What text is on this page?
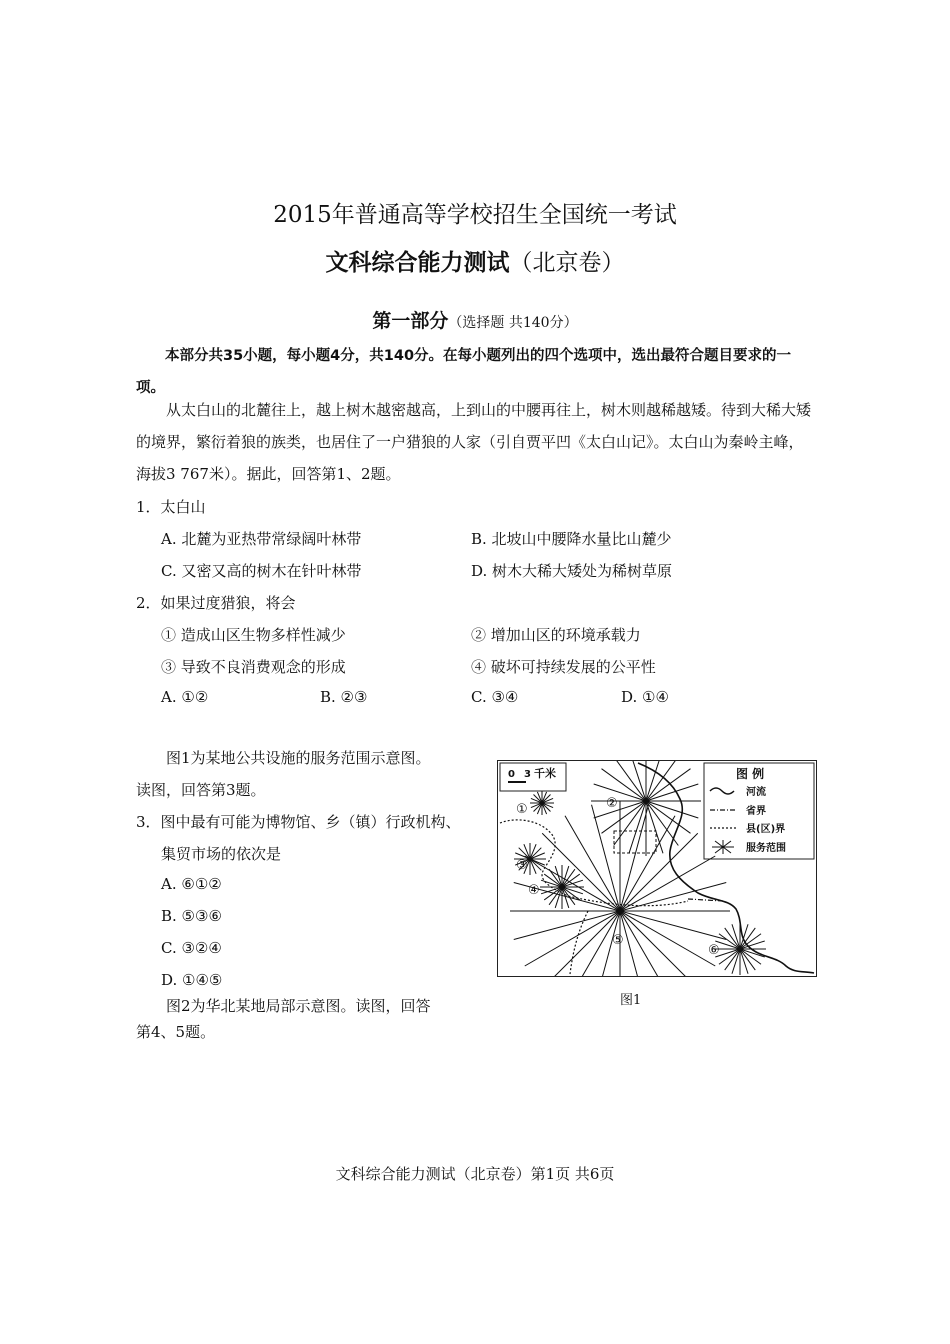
2015年普通高等学校招生全国统一考试
文科综合能力测试（北京卷）
第一部分（选择题 共140分）
本部分共35小题，每小题4分，共140分。在每小题列出的四个选项中，选出最符合题目要求的一项。
从太白山的北麓往上，越上树木越密越高，上到山的中腰再往上，树木则越稀越矮。待到大稀大矮的境界，繁衍着狼的族类，也居住了一户猎狼的人家（引自贾平凹《太白山记》。太白山为秦岭主峰，海拔3 767米）。据此，回答第1、2题。
1．太白山
A. 北麓为亚热带常绿阔叶林带	B. 北坡山中腰降水量比山麓少
C. 又密又高的树木在针叶林带	D. 树木大稀大矮处为稀树草原
2．如果过度猎狼，将会
① 造成山区生物多样性减少	② 增加山区的环境承载力
③ 导致不良消费观念的形成	④ 破坏可持续发展的公平性
A. ①②	B. ②③	C. ③④	D. ①④
图1为某地公共设施的服务范围示意图。
读图，回答第3题。
3．图中最有可能为博物馆、乡（镇）行政机构、
集贸市场的依次是
A. ⑥①②
B. ⑤③⑥
C. ③②④
D. ①④⑤
图2为华北某地局部示意图。读图，回答
第4、5题。
0 3 千米	图 例
河流
省界
县(区)界
服务范围
①	②
③
④
⑤
⑥
图1
文科综合能力测试（北京卷）第1页 共6页
